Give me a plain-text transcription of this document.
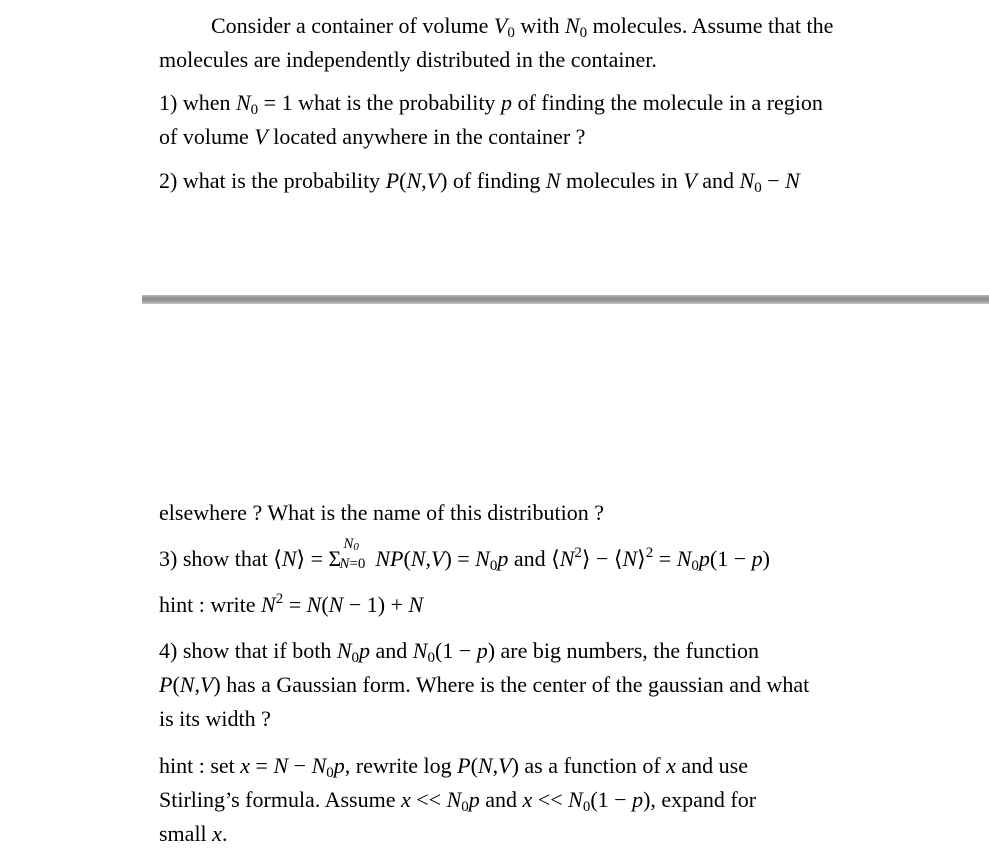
Consider a container of volume $V_0$ with $N_0$ molecules. Assume that the
molecules are independently distributed in the container.
1) when $N_0 = 1$ what is the probability p of finding the molecule in a region
of volume V located anywhere in the container ?
2) what is the probability P(N,V) of finding N molecules in V and $N_0 - N$
elsewhere ? What is the name of this distribution ?
3) show that ⟨N⟩ = Σ
$N_0$
N=0 $NP(N,V) = N_0p$ and $⟨N^2⟩$ − ⟨N⟩$^2$ = $N_0p(1 - p)$
hint : write $N^2 = N(N - 1) + N$
4) show that if both $N_0p$ and $N_0(1 - p)$ are big numbers, the function
P(N,V) has a Gaussian form. Where is the center of the gaussian and what
is its width ?
hint : set $x = N - N_0p$, rewrite log P(N,V) as a function of x and use
Stirling’s formula. Assume $x << N_0p$ and $x << N_0(1 - p)$, expand for
small x.
